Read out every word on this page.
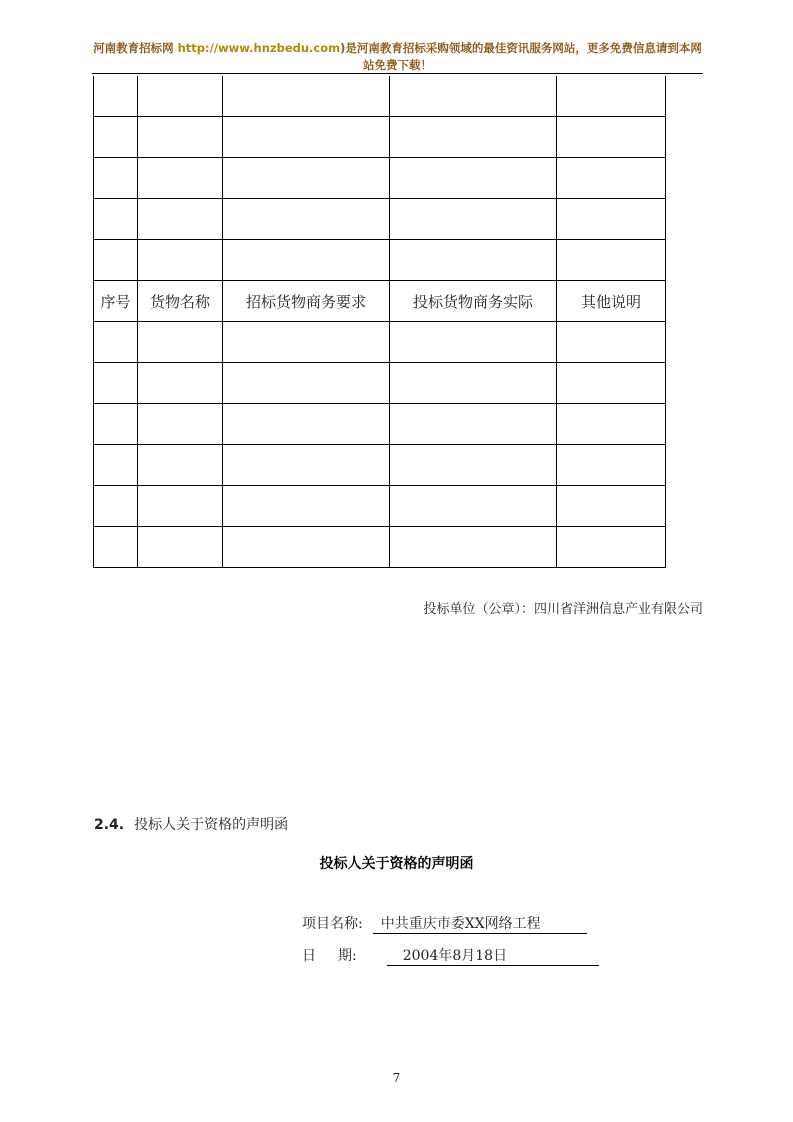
河南教育招标网 http://www.hnzbedu.com)是河南教育招标采购领域的最佳资讯服务网站，更多免费信息请到本网站免费下载！

序号	货物名称	招标货物商务要求	投标货物商务实际	其他说明

投标单位（公章）：四川省洋洲信息产业有限公司
2.4. 投标人关于资格的声明函
投标人关于资格的声明函
项目名称: 中共重庆市委XX网络工程
日 期:	2004年8月18日
7
